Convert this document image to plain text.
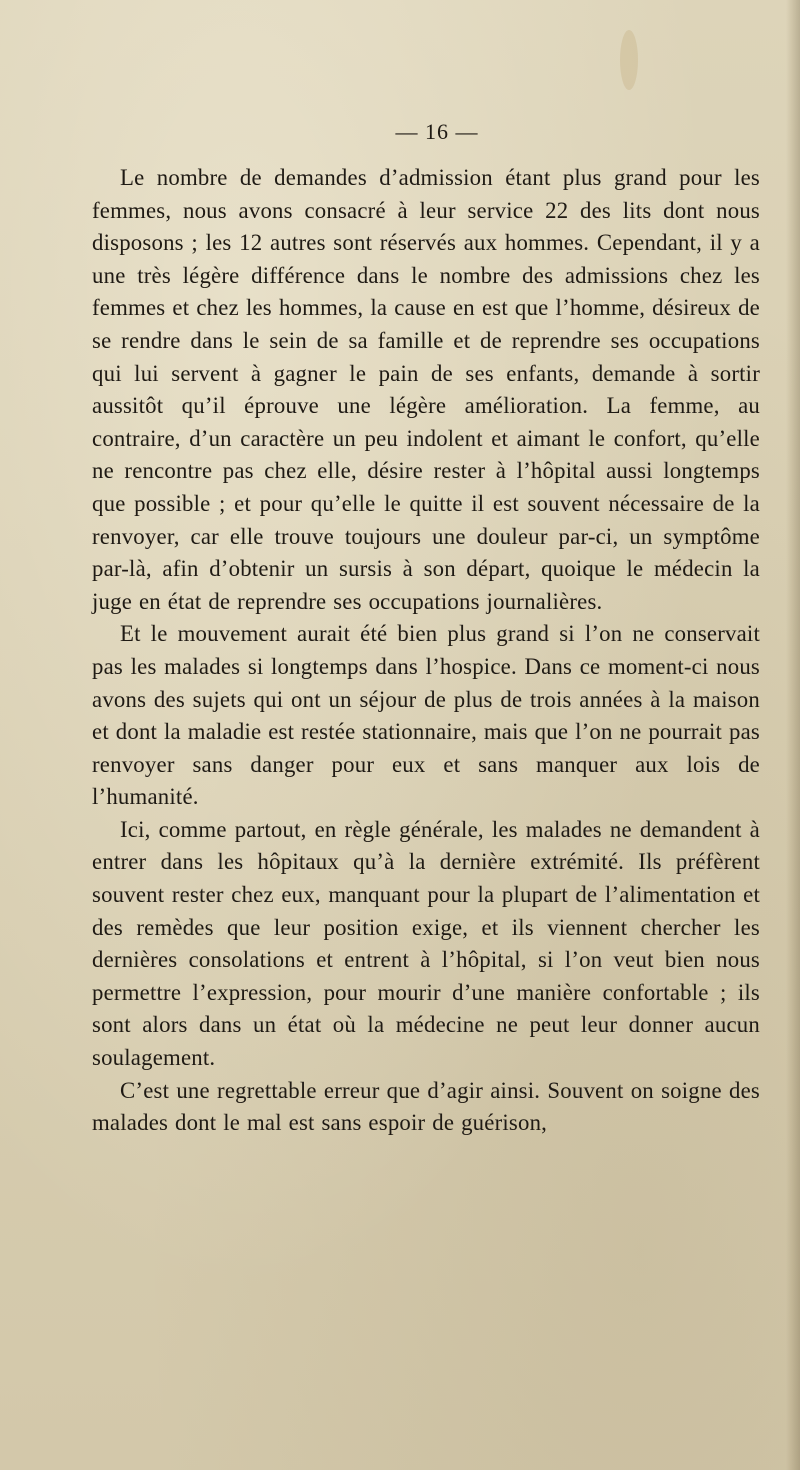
— 16 —

Le nombre de demandes d’admission étant plus grand pour les femmes, nous avons consacré à leur service 22 des lits dont nous disposons ; les 12 autres sont réservés aux hommes. Cependant, il y a une très légère différence dans le nombre des admissions chez les femmes et chez les hommes, la cause en est que l’homme, désireux de se rendre dans le sein de sa famille et de reprendre ses occupations qui lui servent à gagner le pain de ses enfants, demande à sortir aussitôt qu’il éprouve une légère amélioration. La femme, au contraire, d’un caractère un peu indolent et aimant le confort, qu’elle ne rencontre pas chez elle, désire rester à l’hôpital aussi longtemps que possible ; et pour qu’elle le quitte il est souvent nécessaire de la renvoyer, car elle trouve toujours une douleur par-ci, un symptôme par-là, afin d’obtenir un sursis à son départ, quoique le médecin la juge en état de reprendre ses occupations journalières.

Et le mouvement aurait été bien plus grand si l’on ne conservait pas les malades si longtemps dans l’hospice. Dans ce moment-ci nous avons des sujets qui ont un séjour de plus de trois années à la maison et dont la maladie est restée stationnaire, mais que l’on ne pourrait pas renvoyer sans danger pour eux et sans manquer aux lois de l’humanité.

Ici, comme partout, en règle générale, les malades ne demandent à entrer dans les hôpitaux qu’à la dernière extrémité. Ils préfèrent souvent rester chez eux, manquant pour la plupart de l’alimentation et des remèdes que leur position exige, et ils viennent chercher les dernières consolations et entrent à l’hôpital, si l’on veut bien nous permettre l’expression, pour mourir d’une manière confortable ; ils sont alors dans un état où la médecine ne peut leur donner aucun soulagement.

C’est une regrettable erreur que d’agir ainsi. Souvent on soigne des malades dont le mal est sans espoir de guérison,
